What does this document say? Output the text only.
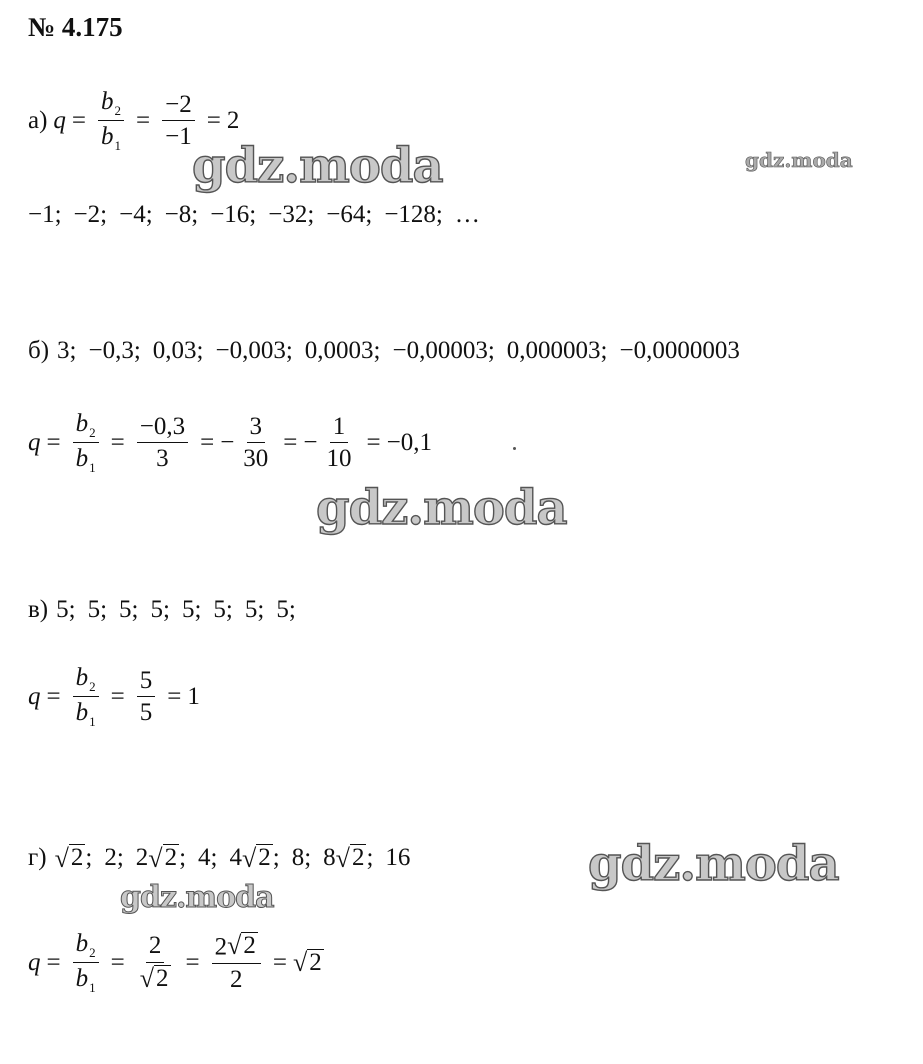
№ 4.175
а) $q = \frac{b_2}{b_1} = \frac{-2}{-1} = 2$
gdz.moda	gdz.moda
−1; −2; −4; −8; −16; −32; −64; −128; …
б) 3; −0,3; 0,03; −0,003; 0,0003; −0,00003; 0,000003; −0,0000003
$q = \frac{b_2}{b_1} = \frac{-0,3}{3}$ = − $\frac{3}{30}$ = − $\frac{1}{10} = -0,1$
gdz.moda
в) 5; 5; 5; 5; 5; 5; 5; 5;
$q = \frac{b_2}{b_1} = \frac{5}{5} = 1$
г) √ 2 ; 2; 2 √ 2 ; 4; 4 √ 2 ; 8; 8 √ 2 ; 16	gdz.moda
gdz.moda
$q = \frac{b_2}{b_1} = \frac{2}{√ 2} = \frac{2 √ 2}{2}$ = √ 2
